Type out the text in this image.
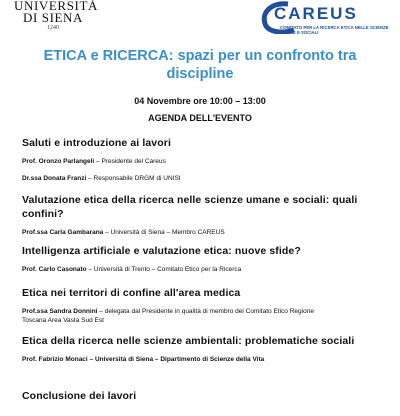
UNIVERSITÀ
DI SIENA
1240
CAREUS
COMITATO PER LA RICERCA ETICA NELLE SCIENZE UMANE E SOCIALI
ETICA e RICERCA: spazi per un confronto tra discipline
04 Novembre ore 10:00 – 13:00
AGENDA DELL'EVENTO
Saluti e introduzione ai lavori
Prof. Oronzo Parlangeli – Presidente del Careus
Dr.ssa Donata Franzi – Responsabile DRGM di UNISI
Valutazione etica della ricerca nelle scienze umane e sociali: quali confini?
Prof.ssa Carla Gambarana – Università di Siena – Membro CAREUS
Intelligenza artificiale e valutazione etica: nuove sfide?
Prof. Carlo Casonato – Università di Trento – Comitato Etico per la Ricerca
Etica nei territori di confine all'area medica
Prof.ssa Sandra Donnini – delegata dal Presidente in qualità di membro del Comitato Etico Regione Toscana Area Vasta Sud Est
Etica della ricerca nelle scienze ambientali: problematiche sociali
Prof. Fabrizio Monaci – Università di Siena – Dipartimento di Scienze della Vita
Conclusione dei lavori
